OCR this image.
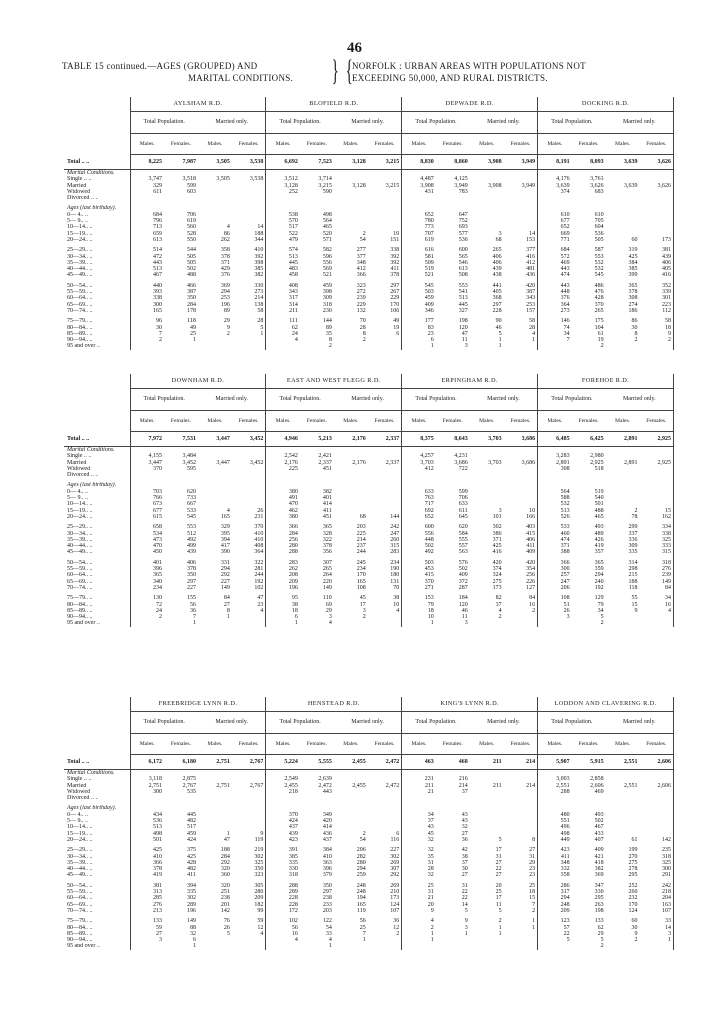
46
TABLE 15 continued.—AGES (GROUPED) AND
MARITAL CONDITIONS.	} { NORFOLK : URBAN AREAS WITH POPULATIONS NOT
EXCEEDING 50,000, AND RURAL DISTRICTS.
	AYLSHAM R.D.				BLOFIELD R.D.				DEPWADE R.D.				DOCKING R.D.			
	Total Population.		Married only.		Total Population.		Married only.		Total Population.		Married only.		Total Population.		Married only.	
	Males.	Females.	Males.	Females.	Males.	Females.	Males.	Females.	Males.	Females.	Males.	Females.	Males.	Females.	Males.	Females.
Total .. ..	8,225	7,987	3,505	3,538	6,692	7,523	3,128	3,215	8,830	8,860	3,908	3,949	8,191	8,093	3,639	3,626
Marital Conditions.																
Single .. ..	3,747	3,518	3,505	3,538	3,512	3,714			4,487	4,125			4,176	3,761		
Married	329	599			3,128	3,215	3,128	3,215	3,908	3,949	3,908	3,949	3,639	3,626	3,639	3,626
Widowed	611	603			252	590			431	783			374	683		
Divorced .. ..																

Ages (last birthday).																
0— 4.. ..	684	706			538	498			652	647			610	610		
5— 9.. ..	796	619			570	564			780	752			677	705		
10—14.. ..	713	560	4	14	517	465			773	693			652	604		
15—19.. ..	659	528	86	188	522	520	2	10	707	577	3	14	669	536		
20—24.. ..	613	550	262	344	479	571	54	151	619	536	68	153	771	505	60	173

25—29.. ..	514	544	358	410	574	582	277	338	616	600	265	377	684	587	319	381
30—34.. ..	472	505	378	392	513	596	377	392	581	565	406	416	572	553	425	439
35—39.. ..	443	505	371	398	445	556	348	392	509	546	406	412	469	532	384	406
40—44.. ..	513	502	429	385	483	569	412	411	519	613	439	481	443	532	385	405
45—49.. ..	467	488	376	382	458	521	366	378	521	508	438	436	474	545	399	416

50—54.. ..	440	466	369	330	408	459	323	297	545	553	441	420	443	486	365	352
55—59.. ..	393	387	294	273	343	398	272	267	503	541	405	387	448	476	378	339
60—64.. ..	338	350	253	214	317	309	239	229	459	513	368	343	376	428	308	301
65—69.. ..	300	284	196	138	314	318	229	170	409	445	297	253	364	370	274	223
70—74.. ..	165	178	89	58	211	230	132	106	346	327	228	157	273	265	186	112

75—79.. ..	96	118	29	28	111	144	70	49	177	198	90	58	146	175	86	58
80—84.. ..	30	49	9	5	62	89	28	19	83	120	46	28	74	104	30	18
85—89.. ..	7	25	2	1	24	35	8	6	23	47	5	4	34	61	8	9
90—94.. ..	2	1			4	8	2		6	11	1	1	7	19	2	2
95 and over ..						2			1	3	1			2		
	DOWNHAM R.D.				EAST AND WEST FLEGG R.D.				ERPINGHAM R.D.				FOREHOE R.D.			
	Total Population.		Married only.		Total Population.		Married only.		Total Population.		Married only.		Total Population.		Married only.	
	Males.	Females.	Males.	Females.	Males.	Females.	Males.	Females.	Males.	Females.	Males.	Females.	Males.	Females.	Males.	Females.
Total .. ..	7,972	7,531	3,447	3,452	4,946	5,213	2,176	2,337	8,375	8,643	3,703	3,686	6,485	6,425	2,891	2,925
Marital Conditions.																
Single .. ..	4,155	3,484			2,542	2,421			4,257	4,231			3,283	2,980		
Married	3,447	3,452	3,447	3,452	2,176	2,337	2,176	2,337	3,703	3,686	3,703	3,686	2,891	2,925	2,891	2,925
Widowed	370	595			225	451			412	722			308	518		
Divorced .. ..																

Ages (last birthday).																
0— 4.. ..	703	620			380	382			633	599			564	519		
5— 9.. ..	766	733			491	401			763	706			588	540		
10—14.. ..	673	667			470	414			717	633			532	501		
15—19.. ..	677	533	4	26	462	411			692	611	3	10	513	488	2	15
20—24.. ..	615	545	165	231	380	451	68	144	652	645	101	166	526	465	78	162

25—29.. ..	658	553	329	370	366	365	203	242	600	620	302	403	533	493	299	334
30—34.. ..	534	512	395	410	284	328	225	247	556	584	386	415	460	489	337	338
35—39.. ..	473	492	394	410	256	322	214	260	448	555	371	406	474	426	336	325
40—44.. ..	470	499	417	408	280	378	237	315	502	557	425	411	371	419	309	333
45—49.. ..	450	439	390	364	288	356	244	283	492	563	416	409	388	357	335	315

50—54.. ..	401	406	331	322	283	307	245	234	503	576	420	420	366	365	314	318
55—59.. ..	396	378	294	281	262	265	234	190	453	502	374	354	300	359	298	276
60—64.. ..	365	350	292	244	208	264	170	180	415	409	324	256	257	294	215	239
65—69.. ..	340	297	227	192	209	220	165	131	370	372	275	226	247	240	188	149
70—74.. ..	234	227	149	102	196	149	108	70	271	287	173	127	206	192	118	84

75—79.. ..	130	155	84	47	95	110	45	38	153	184	82	84	108	129	55	34
80—84.. ..	72	56	27	23	38	69	17	10	79	120	37	16	51	79	15	16
85—89.. ..	24	36	8	4	18	29	3	4	18	46	4	2	26	34	9	4
90—94.. ..	2	7	1		6	3	2		10	11	2		3	5		
95 and over ..		1			1	4			1	3				2		
	FREEBRIDGE LYNN R.D.				HENSTEAD R.D.				KING'S LYNN R.D.				LODDON AND CLAVERING R.D.			
	Total Population.		Married only.		Total Population.		Married only.		Total Population.		Married only.		Total Population.		Married only.	
	Males.	Females.	Males.	Females.	Males.	Females.	Males.	Females.	Males.	Females.	Males.	Females.	Males.	Females.	Males.	Females.
Total .. ..	6,172	6,180	2,751	2,767	5,224	5,555	2,455	2,472	463	468	211	214	5,907	5,915	2,551	2,606
Marital Conditions.																
Single .. ..	3,118	2,875			2,549	2,639			231	216			3,003	2,858		
Married	2,751	2,767	2,751	2,767	2,455	2,472	2,455	2,472	211	214	211	214	2,551	2,606	2,551	2,606
Widowed	300	535			218	443			21	37			288	469		
Divorced .. ..																

Ages (last birthday).																
0— 4.. ..	434	445			370	349			34	43			480	493		
5— 9.. ..	536	482			424	420			37	43			551	502		
10—14.. ..	513	517			437	414			43	32			496	467		
15—19.. ..	498	459	1	9	439	436	2	6	45	27			498	433		
20—24.. ..	501	424	47	119	423	437	54	116	32	36	5	8	449	407	61	142

25—29.. ..	425	375	188	219	391	384	206	227	32	42	17	27	423	409	199	235
30—34.. ..	410	425	284	302	385	410	282	302	35	38	31	31	411	421	270	318
35—39.. ..	366	428	292	325	335	363	280	269	31	37	27	29	348	418	275	325
40—44.. ..	378	482	320	350	330	396	294	307	28	30	22	23	332	382	278	300
45—49.. ..	419	411	360	323	318	379	259	292	32	27	27	23	358	369	295	291

50—54.. ..	381	394	320	305	288	350	248	269	25	31	20	25	286	347	252	242
55—59.. ..	313	335	251	280	289	297	248	210	31	22	25	18	317	330	260	218
60—64.. ..	285	302	238	209	228	238	194	173	21	22	17	15	294	295	232	204
65—69.. ..	276	289	201	182	228	233	165	124	20	14	11	7	248	263	170	163
70—74.. ..	213	196	142	99	172	203	119	107	9	5	5	2	209	198	124	107

75—79.. ..	133	149	76	59	102	122	56	36	4	9	2	1	123	133	60	33
80—84.. ..	59	88	26	12	56	54	25	12	2	3	1	1	57	62	30	14
85—89.. ..	27	32	5	4	16	33	7	2	1	1	1		22	29	9	3
90—94.. ..	3	6			4	4	1		1				5	5	2	1
95 and over ..		1				1								2		
